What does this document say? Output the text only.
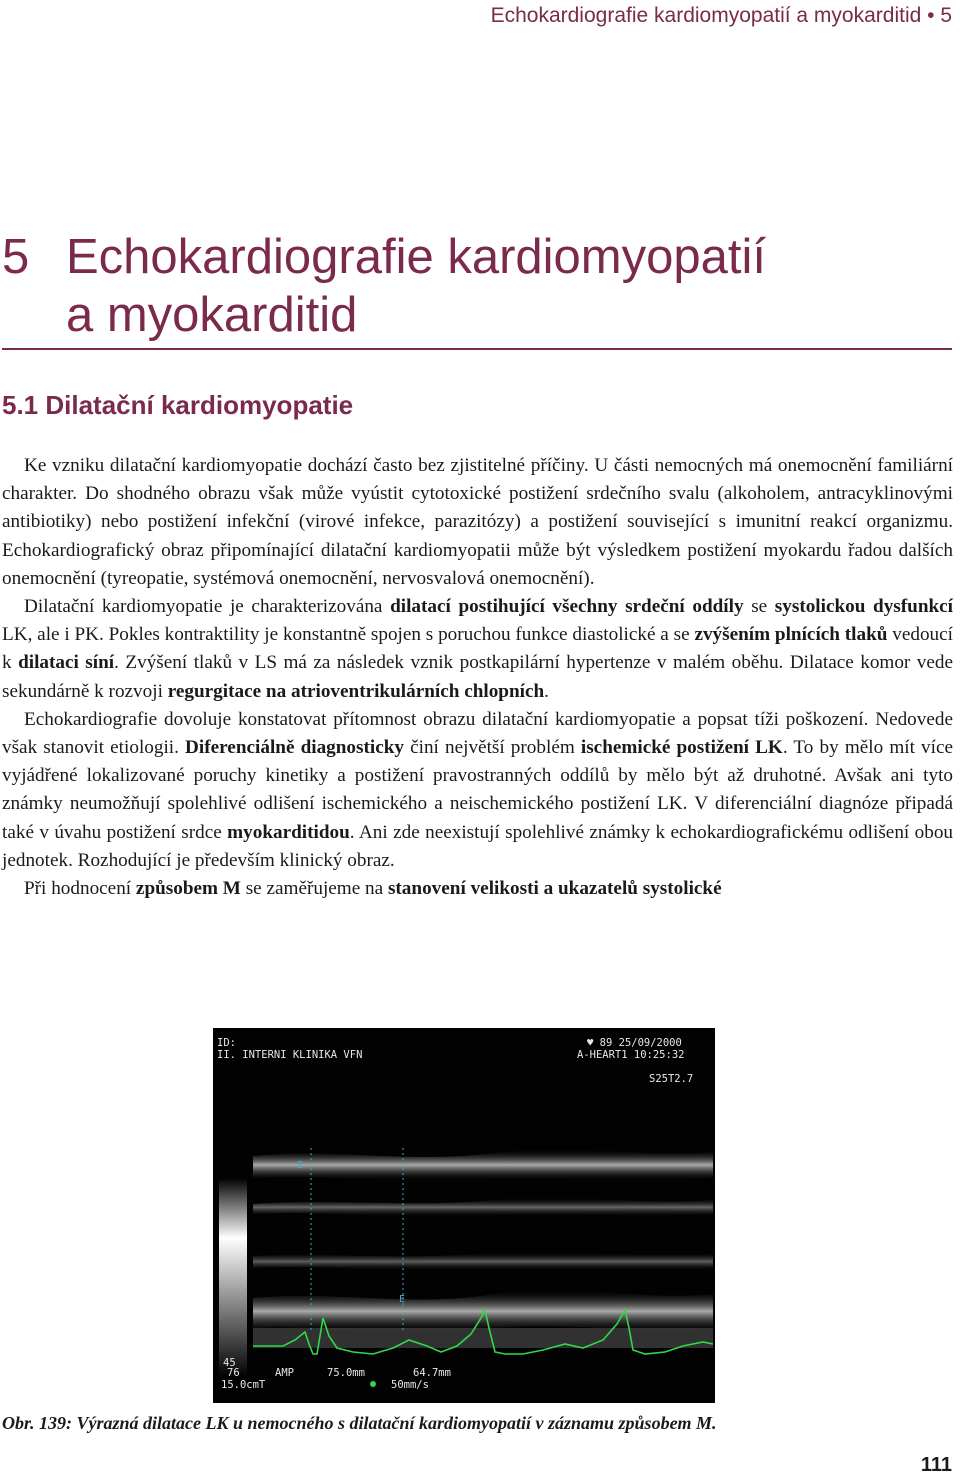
Echokardiografie kardiomyopatií a myokarditid • 5
5 Echokardiografie kardiomyopatií
a myokarditid
5.1 Dilatační kardiomyopatie

Ke vzniku dilatační kardiomyopatie dochází často bez zjistitelné příčiny. U části nemocných má onemocnění familiární charakter. Do shodného obrazu však může vyústit cytotoxické postižení srdečního svalu (alkoholem, antracyklinovými antibiotiky) nebo postižení infekční (virové infekce, parazitózy) a postižení související s imunitní reakcí organizmu. Echokardiografický obraz připomínající dilatační kardiomyopatii může být výsledkem postižení myokardu řadou dalších onemocnění (tyreopatie, systémová onemocnění, nervosvalová onemocnění).

Dilatační kardiomyopatie je charakterizována dilatací postihující všechny srdeční oddíly se systolickou dysfunkcí LK, ale i PK. Pokles kontraktility je konstantně spojen s poruchou funkce diastolické a se zvýšením plnících tlaků vedoucí k dilataci síní. Zvýšení tlaků v LS má za následek vznik postkapilární hypertenze v malém oběhu. Dilatace komor vede sekundárně k rozvoji regurgitace na atrioventrikulárních chlopních.

Echokardiografie dovoluje konstatovat přítomnost obrazu dilatační kardiomyopatie a popsat tíži poškození. Nedovede však stanovit etiologii. Diferenciálně diagnosticky činí největší problém ischemické postižení LK. To by mělo mít více vyjádřené lokalizované poruchy kinetiky a postižení pravostranných oddílů by mělo být až druhotné. Avšak ani tyto známky neumožňují spolehlivé odlišení ischemického a neischemického postižení LK. V diferenciální diagnóze připadá také v úvahu postižení srdce myokarditidou. Ani zde neexistují spolehlivé známky k echokardiografickému odlišení obou jednotek. Rozhodující je především klinický obraz.

Při hodnocení způsobem M se zaměřujeme na stanovení velikosti a ukazatelů systolické

E
E
ID:
II. INTERNI KLINIKA VFN
♥ 89 25/09/2000
A-HEART1 10:25:32
S25T2.7
45
76	AMP	75.0mm	64.7mm
15.0cmT	50mm/s
Obr. 139: Výrazná dilatace LK u nemocného s dilatační kardiomyopatií v záznamu způsobem M.
111
